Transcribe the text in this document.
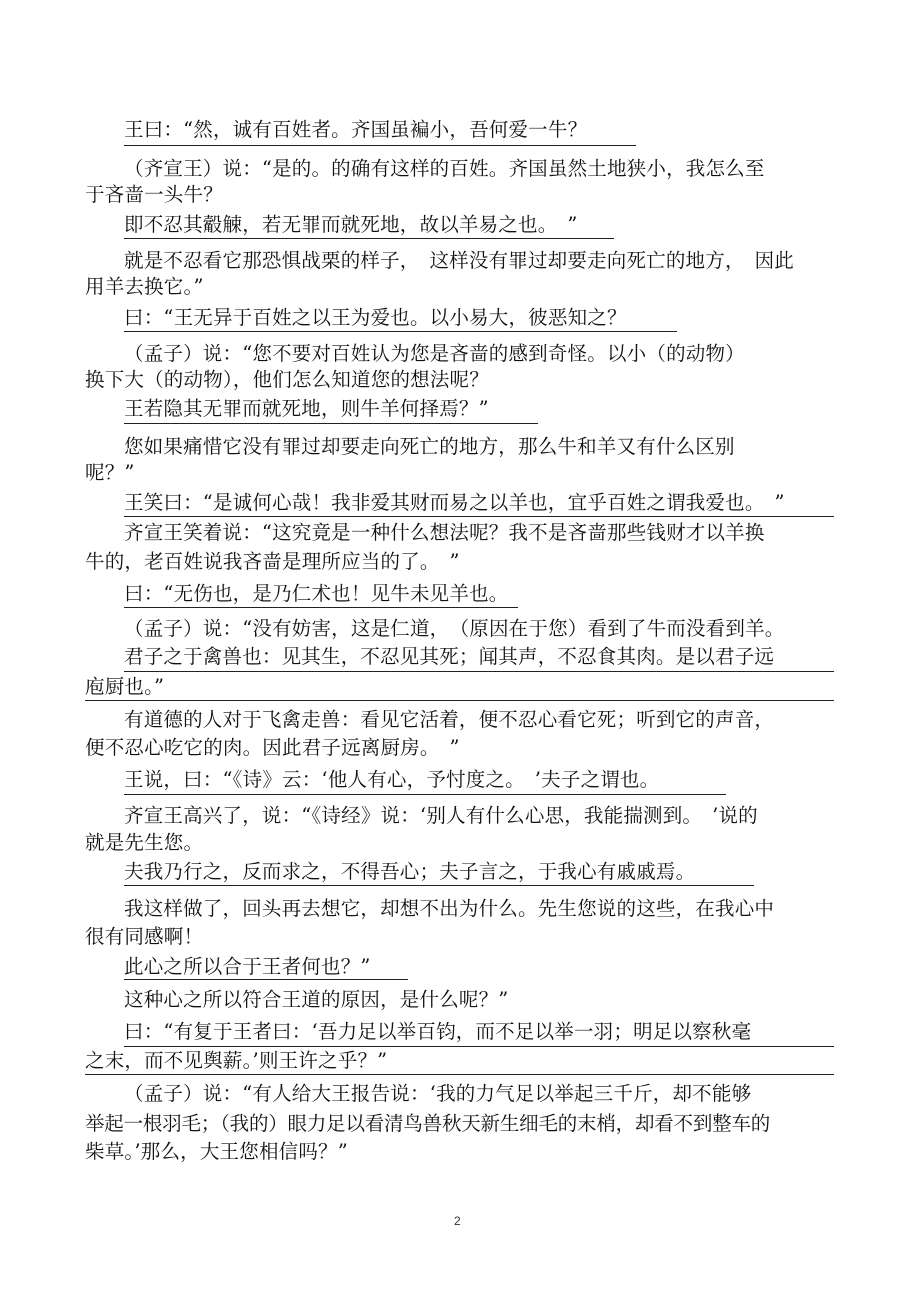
王曰：“然，诚有百姓者。齐国虽褊小，吾何爱一牛？
（齐宣王）说：“是的。的确有这样的百姓。齐国虽然土地狭小，我怎么至
于吝啬一头牛？
即不忍其觳觫，若无罪而就死地，故以羊易之也。　”
就是不忍看它那恐惧战栗的样子，　这样没有罪过却要走向死亡的地方，　因此
用羊去换它。”
曰：“王无异于百姓之以王为爱也。以小易大，彼恶知之？
（孟子）说：“您不要对百姓认为您是吝啬的感到奇怪。以小（的动物）
换下大（的动物），他们怎么知道您的想法呢？
王若隐其无罪而就死地，则牛羊何择焉？”
您如果痛惜它没有罪过却要走向死亡的地方，那么牛和羊又有什么区别
呢？”
王笑曰：“是诚何心哉！我非爱其财而易之以羊也，宜乎百姓之谓我爱也。　”
齐宣王笑着说：“这究竟是一种什么想法呢？我不是吝啬那些钱财才以羊换
牛的，老百姓说我吝啬是理所应当的了。　”
曰：“无伤也，是乃仁术也！见牛未见羊也。
（孟子）说：“没有妨害，这是仁道，　（原因在于您）看到了牛而没看到羊。
君子之于禽兽也：见其生，不忍见其死；闻其声，不忍食其肉。是以君子远
庖厨也。”
有道德的人对于飞禽走兽：看见它活着，便不忍心看它死；听到它的声音，
便不忍心吃它的肉。因此君子远离厨房。　”
王说，曰：“《诗》云：‘他人有心，予忖度之。　’夫子之谓也。
齐宣王高兴了，说：“《诗经》说：‘别人有什么心思，我能揣测到。　’说的
就是先生您。
夫我乃行之，反而求之，不得吾心；夫子言之，于我心有戚戚焉。
我这样做了，回头再去想它，却想不出为什么。先生您说的这些，在我心中
很有同感啊！
此心之所以合于王者何也？”
这种心之所以符合王道的原因，是什么呢？”
曰：“有复于王者曰：‘吾力足以举百钧，而不足以举一羽；明足以察秋毫
之末，而不见舆薪。’则王许之乎？”
（孟子）说：“有人给大王报告说：‘我的力气足以举起三千斤，却不能够
举起一根羽毛；（我的）眼力足以看清鸟兽秋天新生细毛的末梢，却看不到整车的
柴草。’那么，大王您相信吗？”
2
